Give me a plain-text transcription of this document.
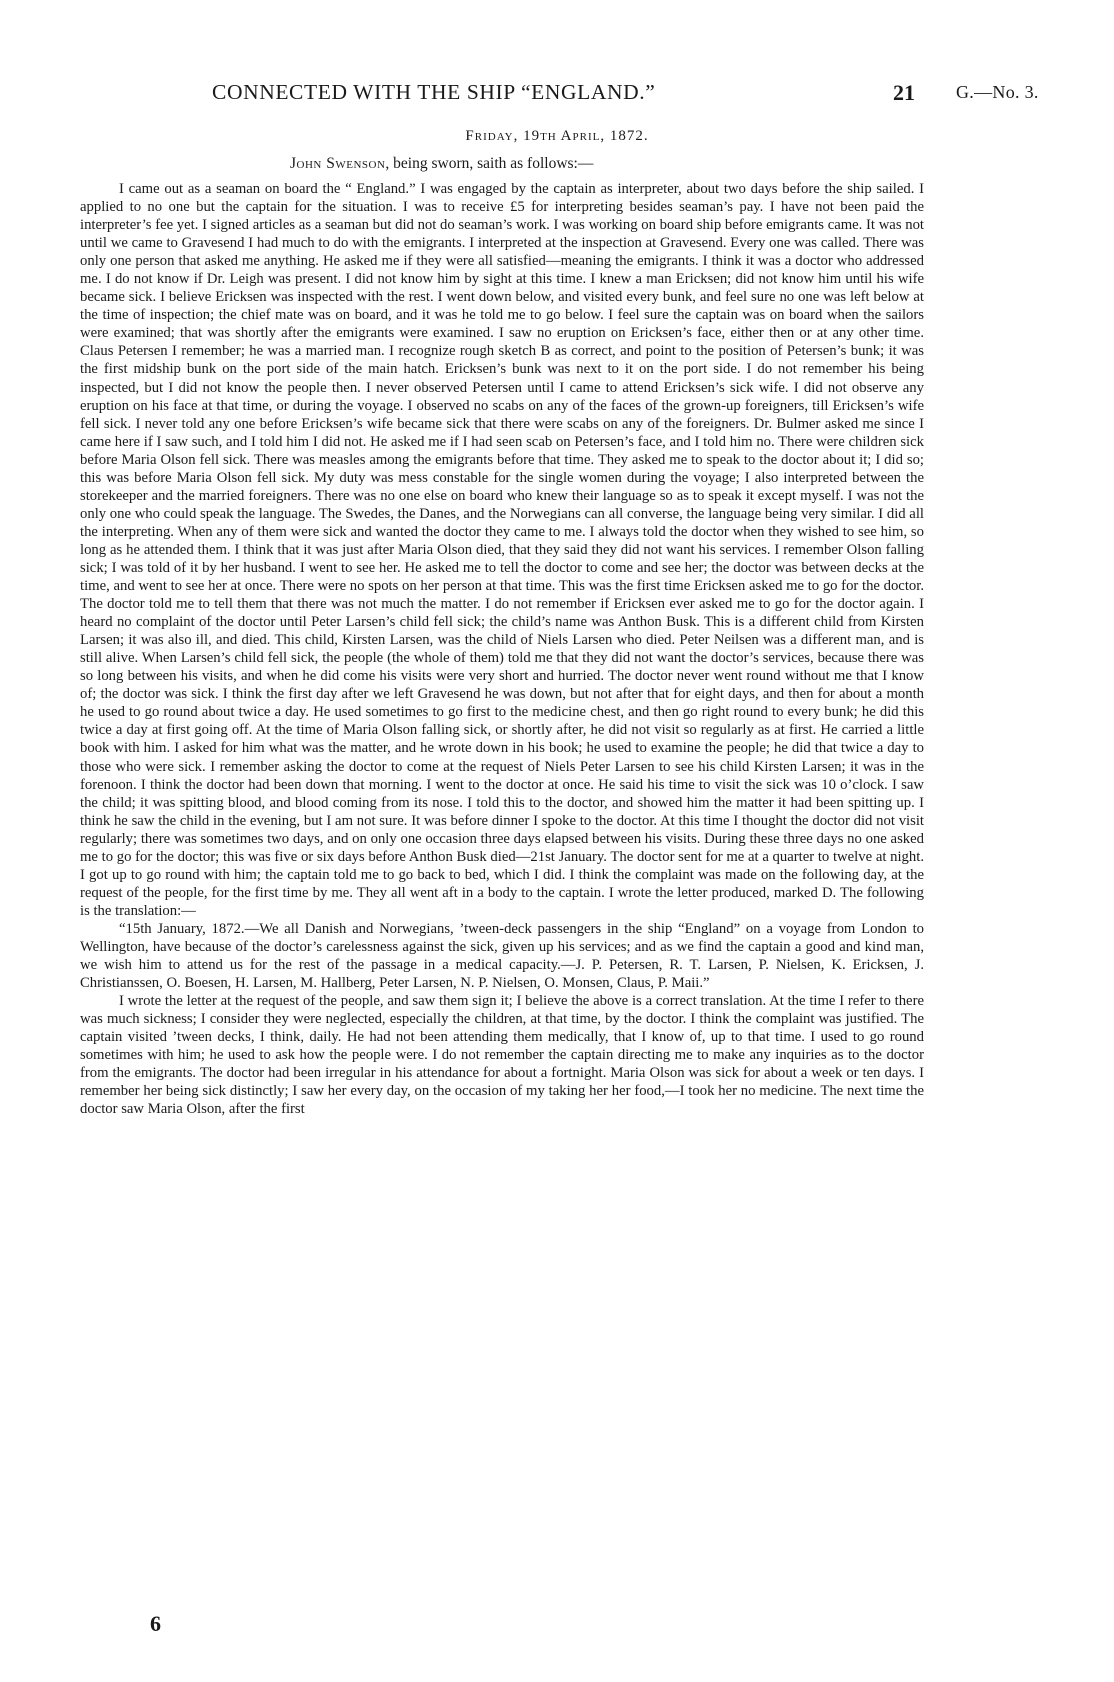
CONNECTED WITH THE SHIP “ENGLAND.”	21 G.—No. 3.
Friday, 19th April, 1872.
John Swenson, being sworn, saith as follows:—

I came out as a seaman on board the “ England.” I was engaged by the captain as interpreter, about two days before the ship sailed. I applied to no one but the captain for the situation. I was to receive £5 for interpreting besides seaman’s pay. I have not been paid the interpreter’s fee yet. I signed articles as a seaman but did not do seaman’s work. I was working on board ship before emigrants came. It was not until we came to Gravesend I had much to do with the emigrants. I interpreted at the inspection at Gravesend. Every one was called. There was only one person that asked me anything. He asked me if they were all satisfied—meaning the emigrants. I think it was a doctor who addressed me. I do not know if Dr. Leigh was present. I did not know him by sight at this time. I knew a man Ericksen; did not know him until his wife became sick. I believe Ericksen was inspected with the rest. I went down below, and visited every bunk, and feel sure no one was left below at the time of inspection; the chief mate was on board, and it was he told me to go below. I feel sure the captain was on board when the sailors were examined; that was shortly after the emigrants were examined. I saw no eruption on Ericksen’s face, either then or at any other time. Claus Petersen I remember; he was a married man. I recognize rough sketch B as correct, and point to the position of Petersen’s bunk; it was the first midship bunk on the port side of the main hatch. Ericksen’s bunk was next to it on the port side. I do not remember his being inspected, but I did not know the people then. I never observed Petersen until I came to attend Ericksen’s sick wife. I did not observe any eruption on his face at that time, or during the voyage. I observed no scabs on any of the faces of the grown-up foreigners, till Ericksen’s wife fell sick. I never told any one before Ericksen’s wife became sick that there were scabs on any of the foreigners. Dr. Bulmer asked me since I came here if I saw such, and I told him I did not. He asked me if I had seen scab on Petersen’s face, and I told him no. There were children sick before Maria Olson fell sick. There was measles among the emigrants before that time. They asked me to speak to the doctor about it; I did so; this was before Maria Olson fell sick. My duty was mess constable for the single women during the voyage; I also interpreted between the storekeeper and the married foreigners. There was no one else on board who knew their language so as to speak it except myself. I was not the only one who could speak the language. The Swedes, the Danes, and the Norwegians can all converse, the language being very similar. I did all the interpreting. When any of them were sick and wanted the doctor they came to me. I always told the doctor when they wished to see him, so long as he attended them. I think that it was just after Maria Olson died, that they said they did not want his services. I remember Olson falling sick; I was told of it by her husband. I went to see her. He asked me to tell the doctor to come and see her; the doctor was between decks at the time, and went to see her at once. There were no spots on her person at that time. This was the first time Ericksen asked me to go for the doctor. The doctor told me to tell them that there was not much the matter. I do not remember if Ericksen ever asked me to go for the doctor again. I heard no complaint of the doctor until Peter Larsen’s child fell sick; the child’s name was Anthon Busk. This is a different child from Kirsten Larsen; it was also ill, and died. This child, Kirsten Larsen, was the child of Niels Larsen who died. Peter Neilsen was a different man, and is still alive. When Larsen’s child fell sick, the people (the whole of them) told me that they did not want the doctor’s services, because there was so long between his visits, and when he did come his visits were very short and hurried. The doctor never went round without me that I know of; the doctor was sick. I think the first day after we left Gravesend he was down, but not after that for eight days, and then for about a month he used to go round about twice a day. He used sometimes to go first to the medicine chest, and then go right round to every bunk; he did this twice a day at first going off. At the time of Maria Olson falling sick, or shortly after, he did not visit so regularly as at first. He carried a little book with him. I asked for him what was the matter, and he wrote down in his book; he used to examine the people; he did that twice a day to those who were sick. I remember asking the doctor to come at the request of Niels Peter Larsen to see his child Kirsten Larsen; it was in the forenoon. I think the doctor had been down that morning. I went to the doctor at once. He said his time to visit the sick was 10 o’clock. I saw the child; it was spitting blood, and blood coming from its nose. I told this to the doctor, and showed him the matter it had been spitting up. I think he saw the child in the evening, but I am not sure. It was before dinner I spoke to the doctor. At this time I thought the doctor did not visit regularly; there was sometimes two days, and on only one occasion three days elapsed between his visits. During these three days no one asked me to go for the doctor; this was five or six days before Anthon Busk died—21st January. The doctor sent for me at a quarter to twelve at night. I got up to go round with him; the captain told me to go back to bed, which I did. I think the complaint was made on the following day, at the request of the people, for the first time by me. They all went aft in a body to the captain. I wrote the letter produced, marked D. The following is the translation:—

“15th January, 1872.—We all Danish and Norwegians, ’tween-deck passengers in the ship “England” on a voyage from London to Wellington, have because of the doctor’s carelessness against the sick, given up his services; and as we find the captain a good and kind man, we wish him to attend us for the rest of the passage in a medical capacity.—J. P. Petersen, R. T. Larsen, P. Nielsen, K. Ericksen, J. Christianssen, O. Boesen, H. Larsen, M. Hallberg, Peter Larsen, N. P. Nielsen, O. Monsen, Claus, P. Maii.”

I wrote the letter at the request of the people, and saw them sign it; I believe the above is a correct translation. At the time I refer to there was much sickness; I consider they were neglected, especially the children, at that time, by the doctor. I think the complaint was justified. The captain visited ’tween decks, I think, daily. He had not been attending them medically, that I know of, up to that time. I used to go round sometimes with him; he used to ask how the people were. I do not remember the captain directing me to make any inquiries as to the doctor from the emigrants. The doctor had been irregular in his attendance for about a fortnight. Maria Olson was sick for about a week or ten days. I remember her being sick distinctly; I saw her every day, on the occasion of my taking her her food,—I took her no medicine. The next time the doctor saw Maria Olson, after the first

6
